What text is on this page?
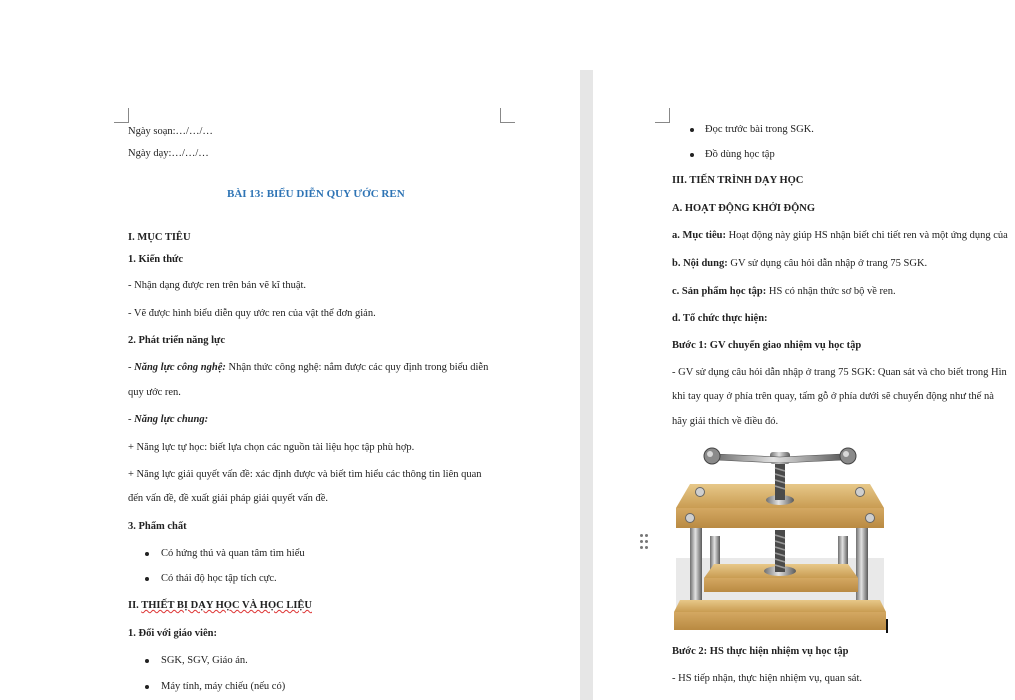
Ngày soạn:…/…/…
Ngày dạy:…/…/…
BÀI 13: BIỂU DIỄN QUY ƯỚC REN
I. MỤC TIÊU
1. Kiến thức
- Nhận dạng được ren trên bản vẽ kĩ thuật.
- Vẽ được hình biểu diễn quy ước ren của vật thể đơn giản.
2. Phát triển năng lực
- Năng lực công nghệ: Nhận thức công nghệ: nắm được các quy định trong biểu diễn
quy ước ren.
- Năng lực chung:
+ Năng lực tự học: biết lựa chọn các nguồn tài liệu học tập phù hợp.
+ Năng lực giải quyết vấn đề: xác định được và biết tìm hiểu các thông tin liên quan
đến vấn đề, đề xuất giải pháp giải quyết vấn đề.
3. Phẩm chất
Có hứng thú và quan tâm tìm hiểu
Có thái độ học tập tích cực.
II. THIẾT BỊ DẠY HỌC VÀ HỌC LIỆU
1. Đối với giáo viên:
SGK, SGV, Giáo án.
Máy tính, máy chiếu (nếu có)
Đọc trước bài trong SGK.
Đồ dùng học tập
III. TIẾN TRÌNH DẠY HỌC
A. HOẠT ĐỘNG KHỞI ĐỘNG
a. Mục tiêu: Hoạt động này giúp HS nhận biết chi tiết ren và một ứng dụng của
b. Nội dung: GV sử dụng câu hỏi dẫn nhập ở trang 75 SGK.
c. Sản phẩm học tập: HS có nhận thức sơ bộ về ren.
d. Tổ chức thực hiện:
Bước 1: GV chuyển giao nhiệm vụ học tập
- GV sử dụng câu hỏi dẫn nhập ở trang 75 SGK: Quan sát và cho biết trong Hìn
khi tay quay ở phía trên quay, tấm gỗ ở phía dưới sẽ chuyển động như thế nà
hãy giải thích về điều đó.
Bước 2: HS thực hiện nhiệm vụ học tập
- HS tiếp nhận, thực hiện nhiệm vụ, quan sát.
